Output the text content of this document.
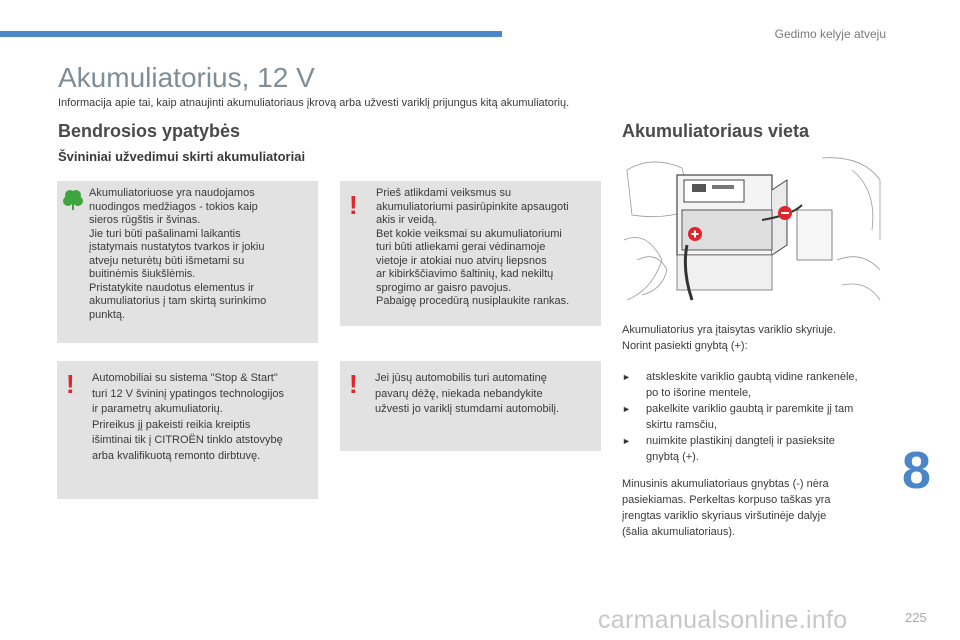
Gedimo kelyje atveju
Akumuliatorius, 12 V
Informacija apie tai, kaip atnaujinti akumuliatoriaus įkrovą arba užvesti variklį prijungus kitą akumuliatorių.
Bendrosios ypatybės
Švininiai užvedimui skirti akumuliatoriai

Akumuliatoriuose yra naudojamos
nuodingos medžiagos - tokios kaip
sieros rūgštis ir švinas.
Jie turi būti pašalinami laikantis
įstatymais nustatytos tvarkos ir jokiu
atveju neturėtų būti išmetami su
buitinėmis šiukšlėmis.
Pristatykite naudotus elementus ir
akumuliatorius į tam skirtą surinkimo
punktą.

! Prieš atlikdami veiksmus su
akumuliatoriumi pasirūpinkite apsaugoti
akis ir veidą.
Bet kokie veiksmai su akumuliatoriumi
turi būti atliekami gerai vėdinamoje
vietoje ir atokiai nuo atvirų liepsnos
ar kibirkščiavimo šaltinių, kad nekiltų
sprogimo ar gaisro pavojus.
Pabaigę procedūrą nusiplaukite rankas.

! Automobiliai su sistema "Stop & Start"
turi 12 V švininį ypatingos technologijos
ir parametrų akumuliatorių.
Prireikus jį pakeisti reikia kreiptis
išimtinai tik į CITROËN tinklo atstovybę
arba kvalifikuotą remonto dirbtuvę.

! Jei jūsų automobilis turi automatinę
pavarų dėžę, niekada nebandykite
užvesti jo variklį stumdami automobilį.

Akumuliatoriaus vieta
Akumuliatorius yra įtaisytas variklio skyriuje.
Norint pasiekti gnybtą (+):
►	atskleskite variklio gaubtą vidine rankenėle,
po to išorine mentele,
►	pakelkite variklio gaubtą ir paremkite jį tam
skirtu ramsčiu,
►	nuimkite plastikinį dangtelį ir pasieksite
gnybtą (+).
Minusinis akumuliatoriaus gnybtas (-) nėra
pasiekiamas. Perkeltas korpuso taškas yra
įrengtas variklio skyriaus viršutinėje dalyje
(šalia akumuliatoriaus).
8
carmanualsonline.info	225
